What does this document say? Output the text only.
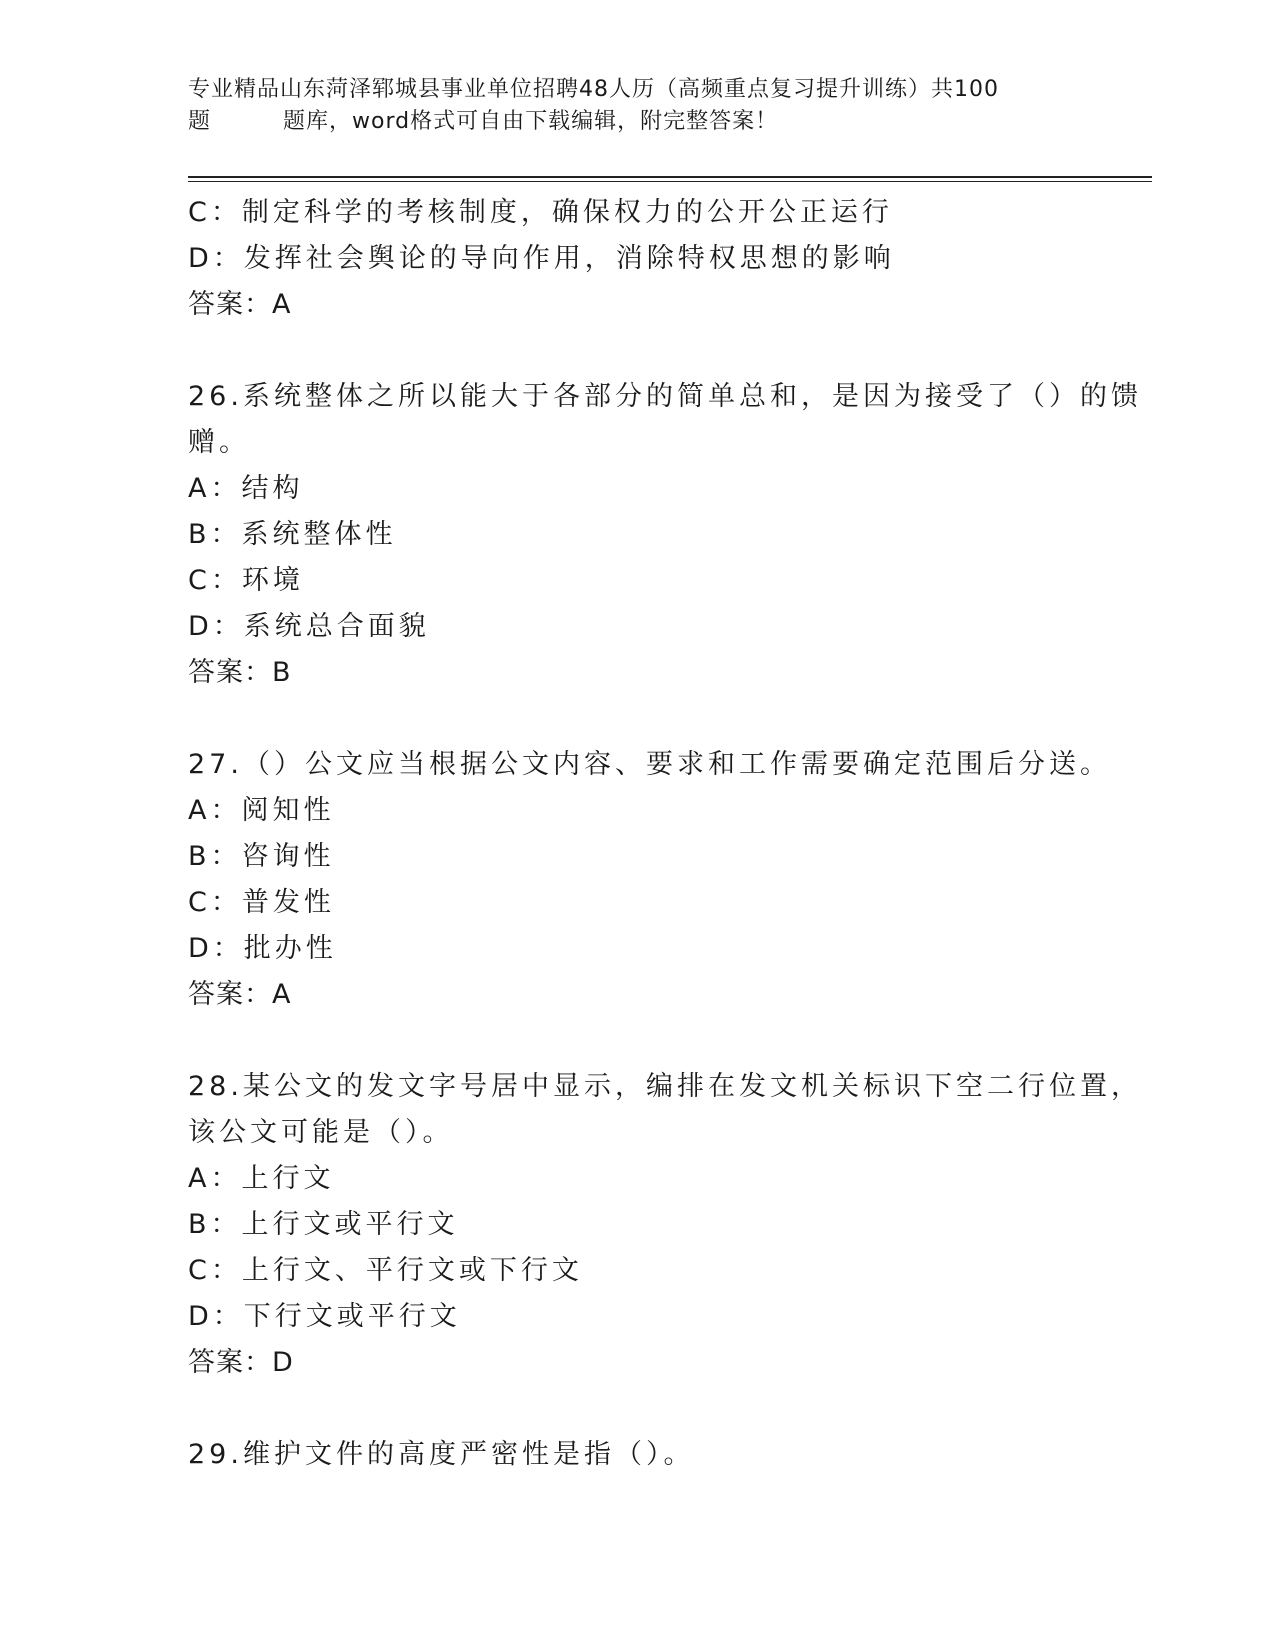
专业精品山东菏泽郓城县事业单位招聘48人历（高频重点复习提升训练）共100
题	题库，word格式可自由下载编辑，附完整答案！
C：制定科学的考核制度，确保权力的公开公正运行
D：发挥社会舆论的导向作用，消除特权思想的影响
答案：A
26.系统整体之所以能大于各部分的简单总和，是因为接受了（）的馈
赠。
A：结构
B：系统整体性
C：环境
D：系统总合面貌
答案：B
27.（）公文应当根据公文内容、要求和工作需要确定范围后分送。
A：阅知性
B：咨询性
C：普发性
D：批办性
答案：A
28.某公文的发文字号居中显示，编排在发文机关标识下空二行位置，
该公文可能是（）。
A：上行文
B：上行文或平行文
C：上行文、平行文或下行文
D：下行文或平行文
答案：D
29.维护文件的高度严密性是指（）。
